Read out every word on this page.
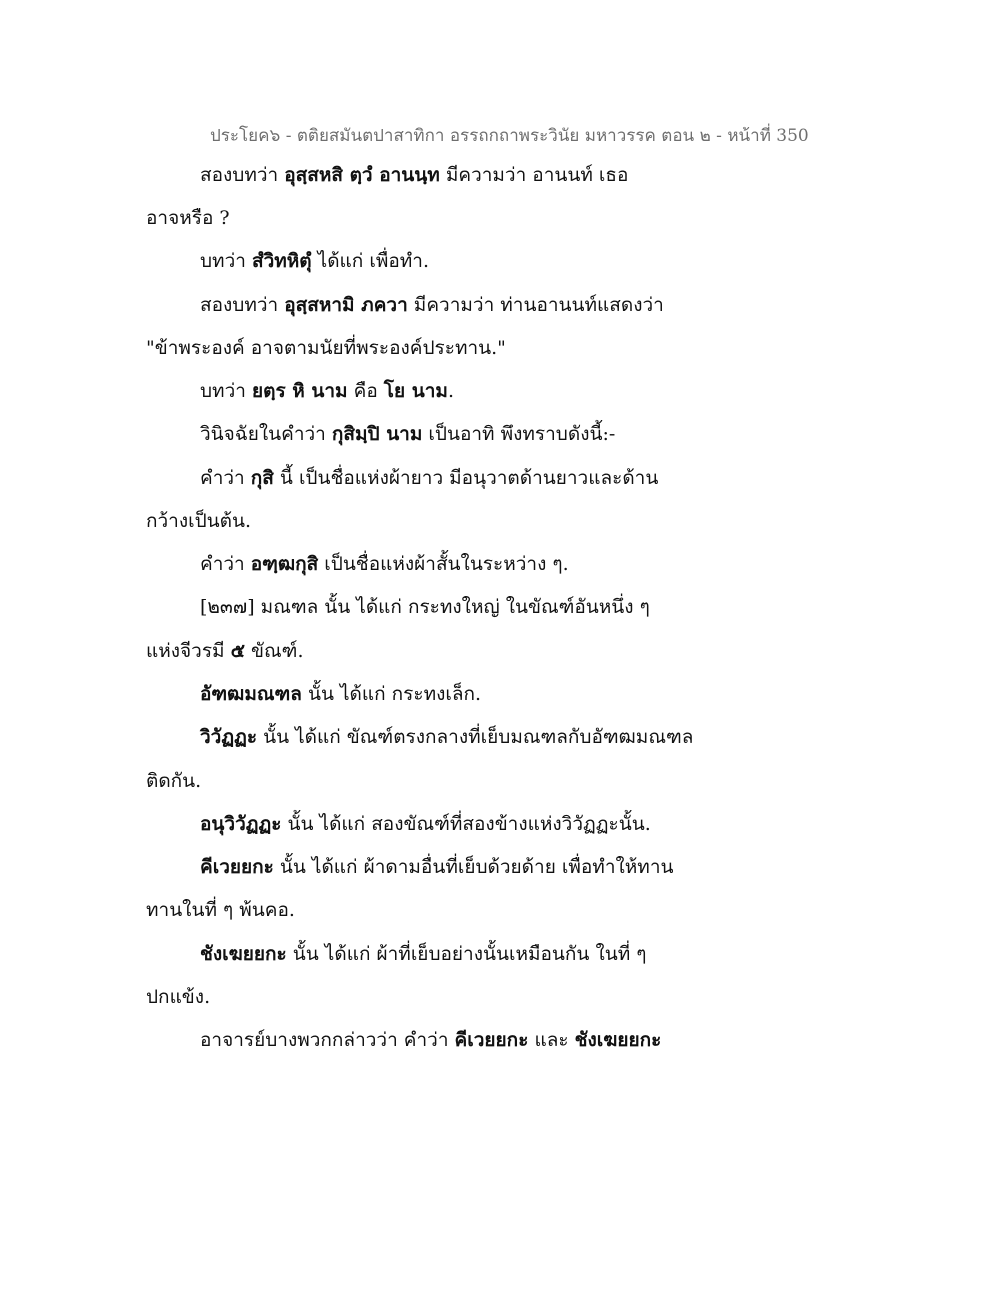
ประโยค๖ - ตติยสมันตปาสาทิกา อรรถกถาพระวินัย มหาวรรค ตอน ๒ - หน้าที่ 350
สองบทว่า อุสฺสหสิ ตฺวํ อานนฺท มีความว่า อานนท์ เธอ
อาจหรือ ?
บทว่า สํวิทหิตุํ ได้แก่ เพื่อทำ.
สองบทว่า อุสฺสหามิ ภควา มีความว่า ท่านอานนท์แสดงว่า
"ข้าพระองค์ อาจตามนัยที่พระองค์ประทาน."
บทว่า ยตฺร หิ นาม คือ โย นาม.
วินิจฉัยในคำว่า กุสิมฺปิ นาม เป็นอาทิ พึงทราบดังนี้:-
คำว่า กุสิ นี้ เป็นชื่อแห่งผ้ายาว มีอนุวาตด้านยาวและด้าน
กว้างเป็นต้น.
คำว่า อฑฺฒกุสิ เป็นชื่อแห่งผ้าสั้นในระหว่าง ๆ.
[๒๓๗] มณฑล นั้น ได้แก่ กระทงใหญ่ ในขัณฑ์อันหนึ่ง ๆ
แห่งจีวรมี ๕ ขัณฑ์.
อัฑฒมณฑล นั้น ได้แก่ กระทงเล็ก.
วิวัฏฏะ นั้น ได้แก่ ขัณฑ์ตรงกลางที่เย็บมณฑลกับอัฑฒมณฑล
ติดกัน.
อนุวิวัฏฏะ นั้น ได้แก่ สองขัณฑ์ที่สองข้างแห่งวิวัฏฏะนั้น.
คีเวยยกะ นั้น ได้แก่ ผ้าดามอื่นที่เย็บด้วยด้าย เพื่อทำให้ทาน
ทานในที่ ๆ พ้นคอ.
ชังเฆยยกะ นั้น ได้แก่ ผ้าที่เย็บอย่างนั้นเหมือนกัน ในที่ ๆ
ปกแข้ง.
อาจารย์บางพวกกล่าวว่า คำว่า คีเวยยกะ และ ชังเฆยยกะ
